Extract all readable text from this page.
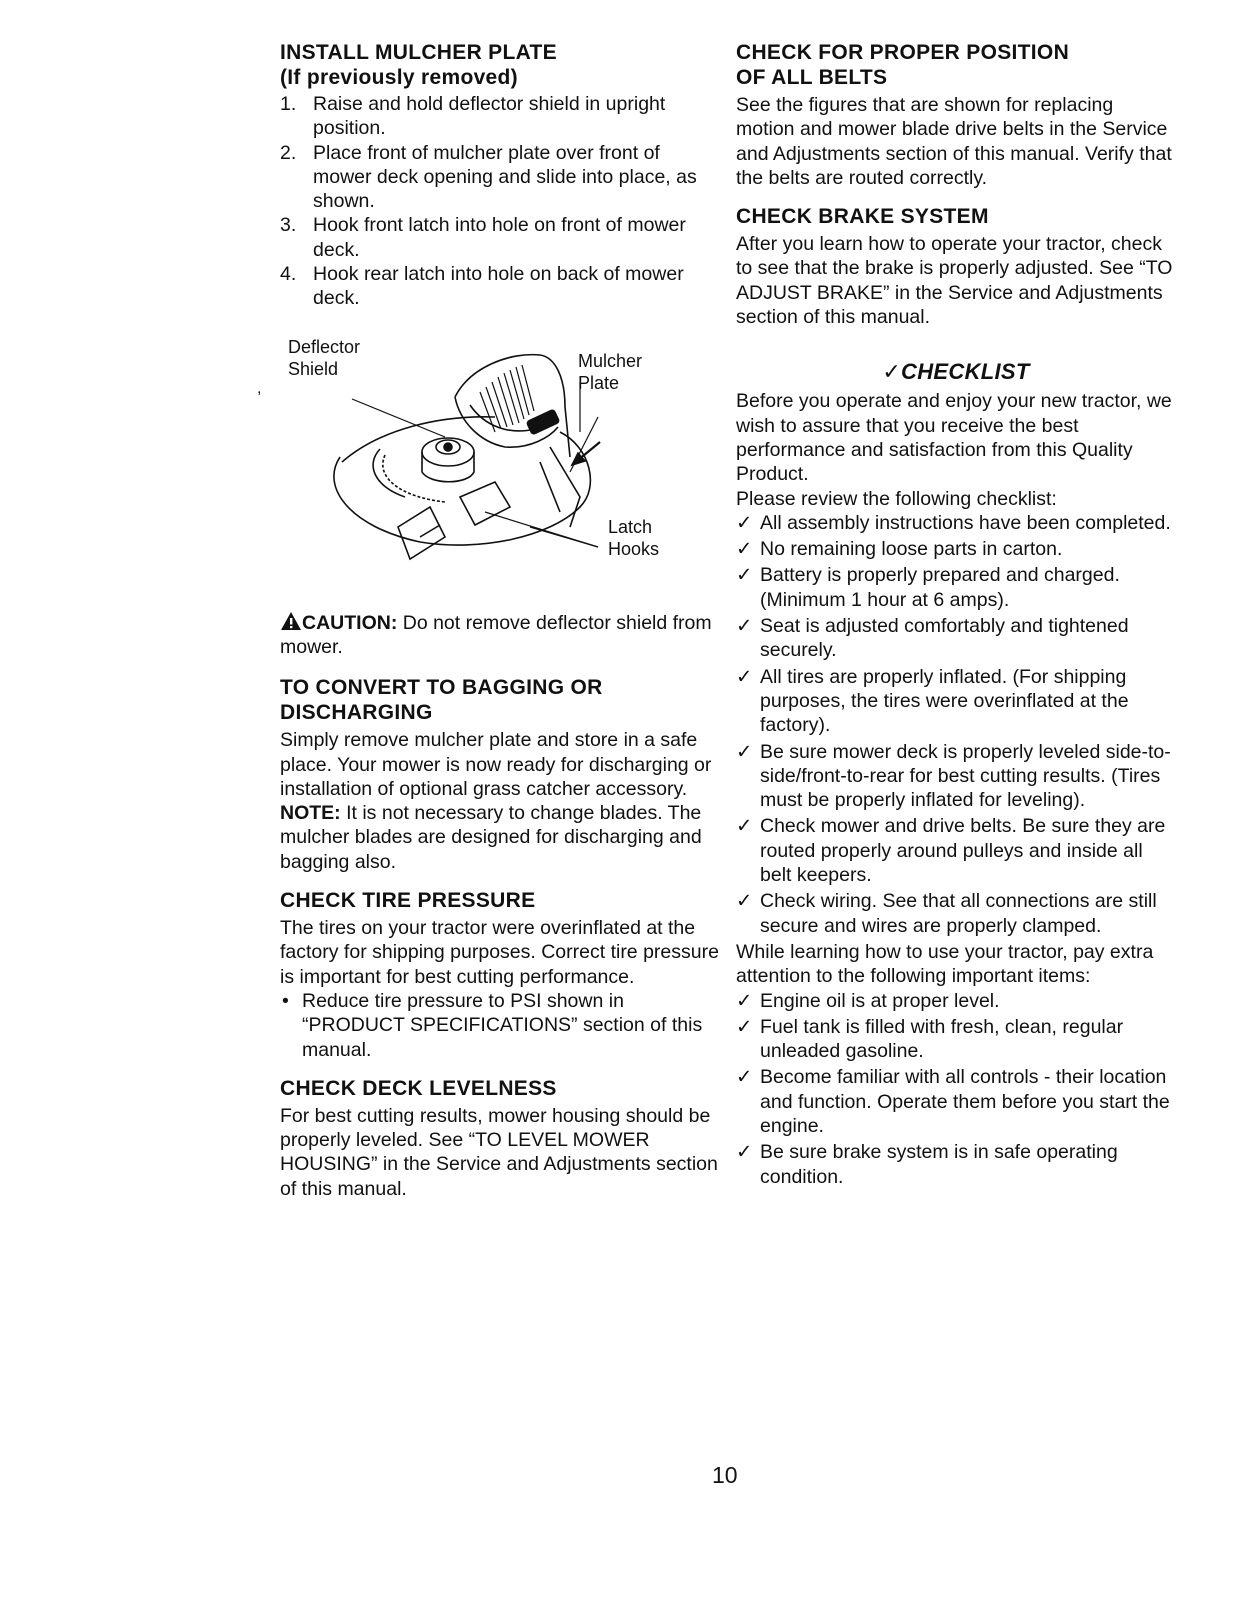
,
INSTALL MULCHER PLATE
(If previously removed)
1. Raise and hold deflector shield in upright position.
2. Place front of mulcher plate over front of mower deck opening and slide into place, as shown.
3. Hook front latch into hole on front of mower deck.
4. Hook rear latch into hole on back of mower deck.
Deflector
Shield	Mulcher
Plate
Latch
Hooks

CAUTION: Do not remove deflector shield from mower.

TO CONVERT TO BAGGING OR
DISCHARGING

Simply remove mulcher plate and store in a safe place. Your mower is now ready for discharging or installation of optional grass catcher accessory.

NOTE: It is not necessary to change blades. The mulcher blades are designed for discharging and bagging also.

CHECK TIRE PRESSURE

The tires on your tractor were overinflated at the factory for shipping purposes. Correct tire pressure is important for best cutting performance.

• Reduce tire pressure to PSI shown in “PRODUCT SPECIFICATIONS” section of this manual.
CHECK DECK LEVELNESS

For best cutting results, mower housing should be properly leveled. See “TO LEVEL MOWER HOUSING” in the Service and Adjustments section of this manual.

CHECK FOR PROPER POSITION
OF ALL BELTS

See the figures that are shown for replacing motion and mower blade drive belts in the Service and Adjustments section of this manual. Verify that the belts are routed correctly.

CHECK BRAKE SYSTEM

After you learn how to operate your tractor, check to see that the brake is properly adjusted. See “TO ADJUST BRAKE” in the Service and Adjustments section of this manual.

✓CHECKLIST

Before you operate and enjoy your new tractor, we wish to assure that you receive the best performance and satisfaction from this Quality Product.

Please review the following checklist:

✓ All assembly instructions have been completed.
✓ No remaining loose parts in carton.
✓ Battery is properly prepared and charged. (Minimum 1 hour at 6 amps).
✓ Seat is adjusted comfortably and tightened securely.
✓ All tires are properly inflated. (For shipping purposes, the tires were overinflated at the factory).
✓ Be sure mower deck is properly leveled side-to-side/front-to-rear for best cutting results. (Tires must be properly inflated for leveling).
✓ Check mower and drive belts. Be sure they are routed properly around pulleys and inside all belt keepers.
✓ Check wiring. See that all connections are still secure and wires are properly clamped.

While learning how to use your tractor, pay extra attention to the following important items:

✓ Engine oil is at proper level.
✓ Fuel tank is filled with fresh, clean, regular unleaded gasoline.
✓ Become familiar with all controls - their location and function. Operate them before you start the engine.
✓ Be sure brake system is in safe operating condition.
10
